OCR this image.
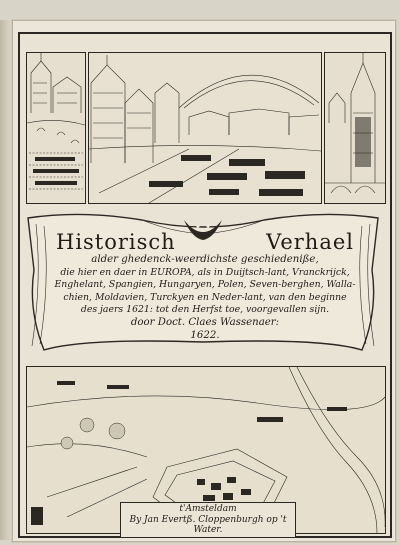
Historisch	Verhael
alder ghedenck-weerdichste geschiedeniße,
die hier en daer in EUROPA, als in Duijtsch-lant, Vranckrijck,
Enghelant, Spangien, Hungaryen, Polen, Seven-berghen, Walla-
chien, Moldavien, Turckyen en Neder-lant, van den beginne
des jaers 1621: tot den Herfst toe, voorgevallen sijn.
door Doct. Claes Wassenaer:
1622.
t'Amsteldam
By Jan Evertß. Cloppenburgh op 't Water.
